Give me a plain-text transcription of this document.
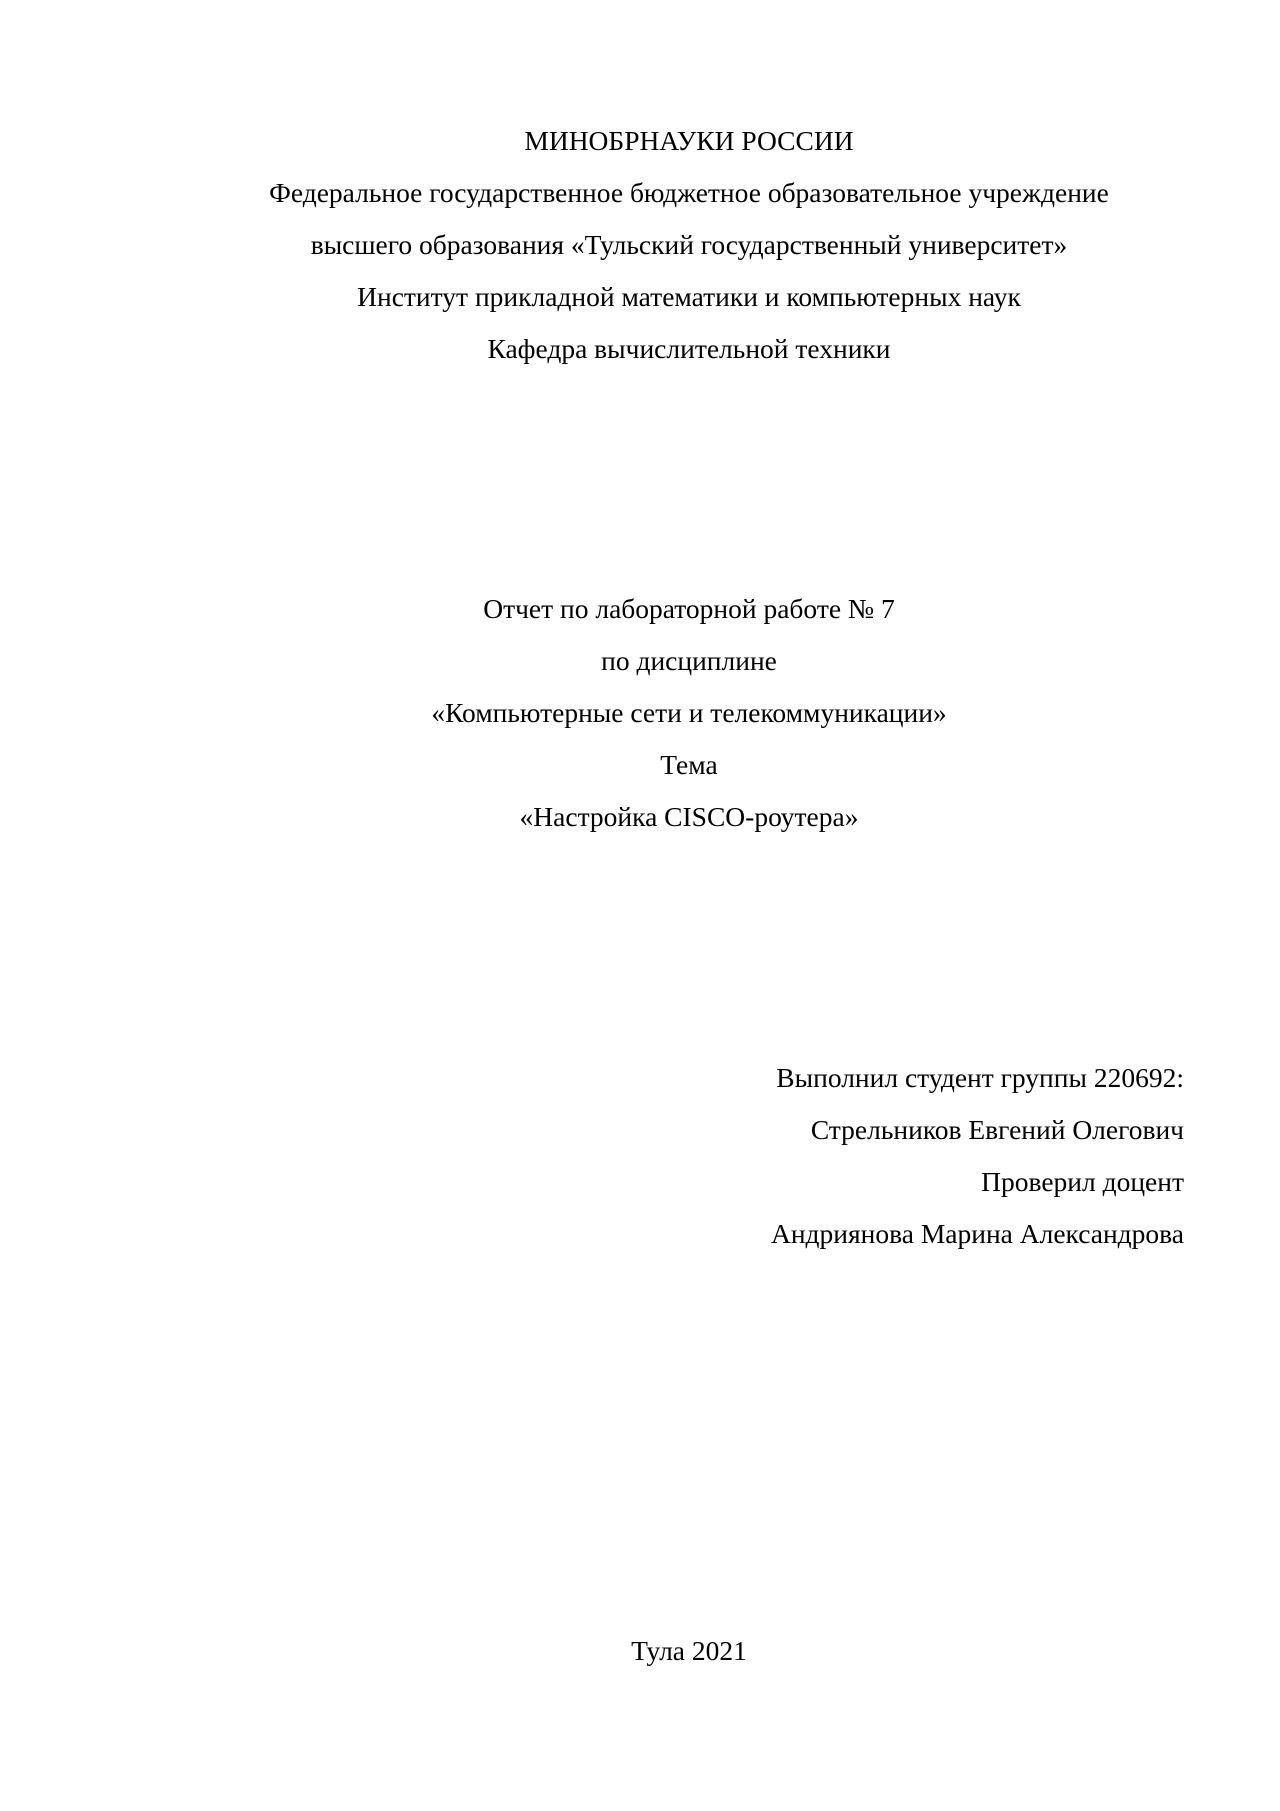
МИНОБРНАУКИ РОССИИ

Федеральное государственное бюджетное образовательное учреждение

высшего образования «Тульский государственный университет»

Институт прикладной математики и компьютерных наук

Кафедра вычислительной техники

Отчет по лабораторной работе № 7

по дисциплине

«Компьютерные сети и телекоммуникации»

Тема

«Настройка CISCO-роутера»

Выполнил студент группы 220692:

Стрельников Евгений Олегович

Проверил доцент

Андриянова Марина Александрова

Тула 2021
